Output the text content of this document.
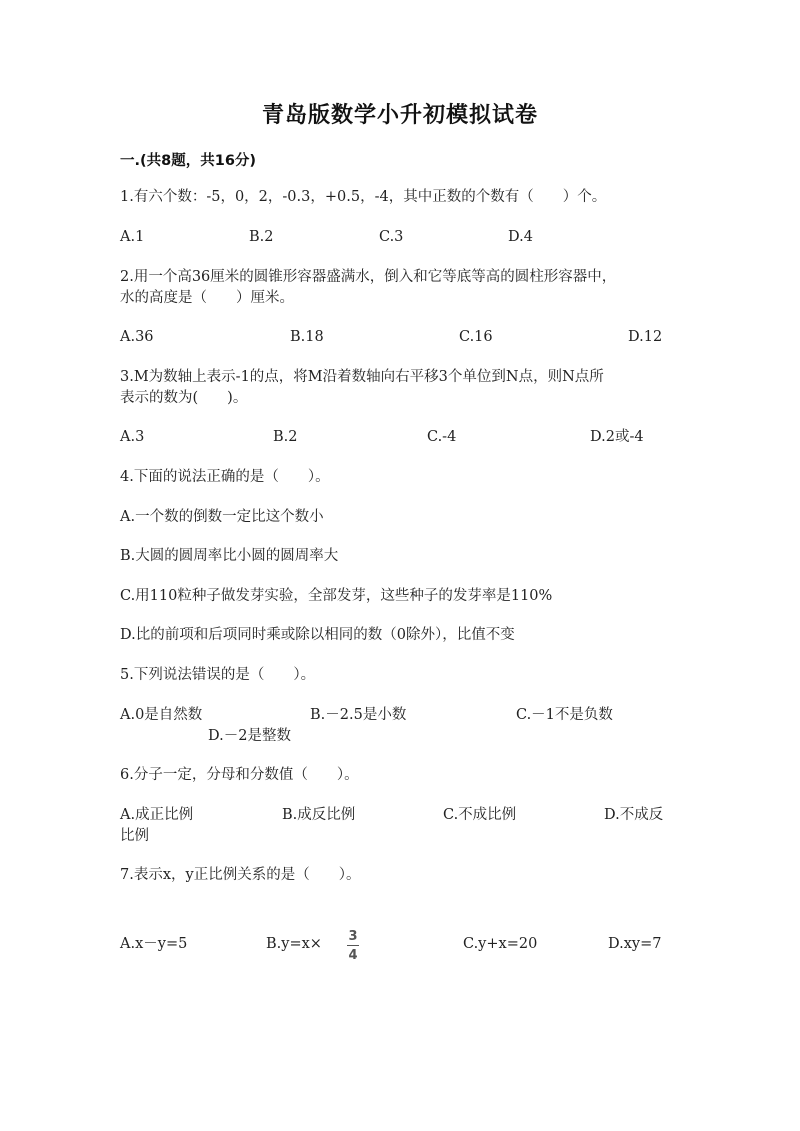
青岛版数学小升初模拟试卷
一.(共8题，共16分)
1.有六个数：-5，0，2，-0.3，+0.5，-4，其中正数的个数有（　　）个。
A.1	B.2	C.3	D.4
2.用一个高36厘米的圆锥形容器盛满水，倒入和它等底等高的圆柱形容器中，
水的高度是（　　）厘米。
A.36	B.18	C.16	D.12
3.M为数轴上表示-1的点，将M沿着数轴向右平移3个单位到N点，则N点所
表示的数为(　　)。
A.3	B.2	C.-4	D.2或-4
4.下面的说法正确的是（　　）。
A.一个数的倒数一定比这个数小
B.大圆的圆周率比小圆的圆周率大
C.用110粒种子做发芽实验，全部发芽，这些种子的发芽率是110%
D.比的前项和后项同时乘或除以相同的数（0除外），比值不变
5.下列说法错误的是（　　）。
A.0是自然数	B.－2.5是小数	C.－1不是负数
D.－2是整数
6.分子一定，分母和分数值（　　）。
A.成正比例	B.成反比例	C.不成比例	D.不成反
比例
7.表示x，y正比例关系的是（　　）。
A.x－y=5	B.y=x×	3
4
C.y+x=20	D.xy=7
